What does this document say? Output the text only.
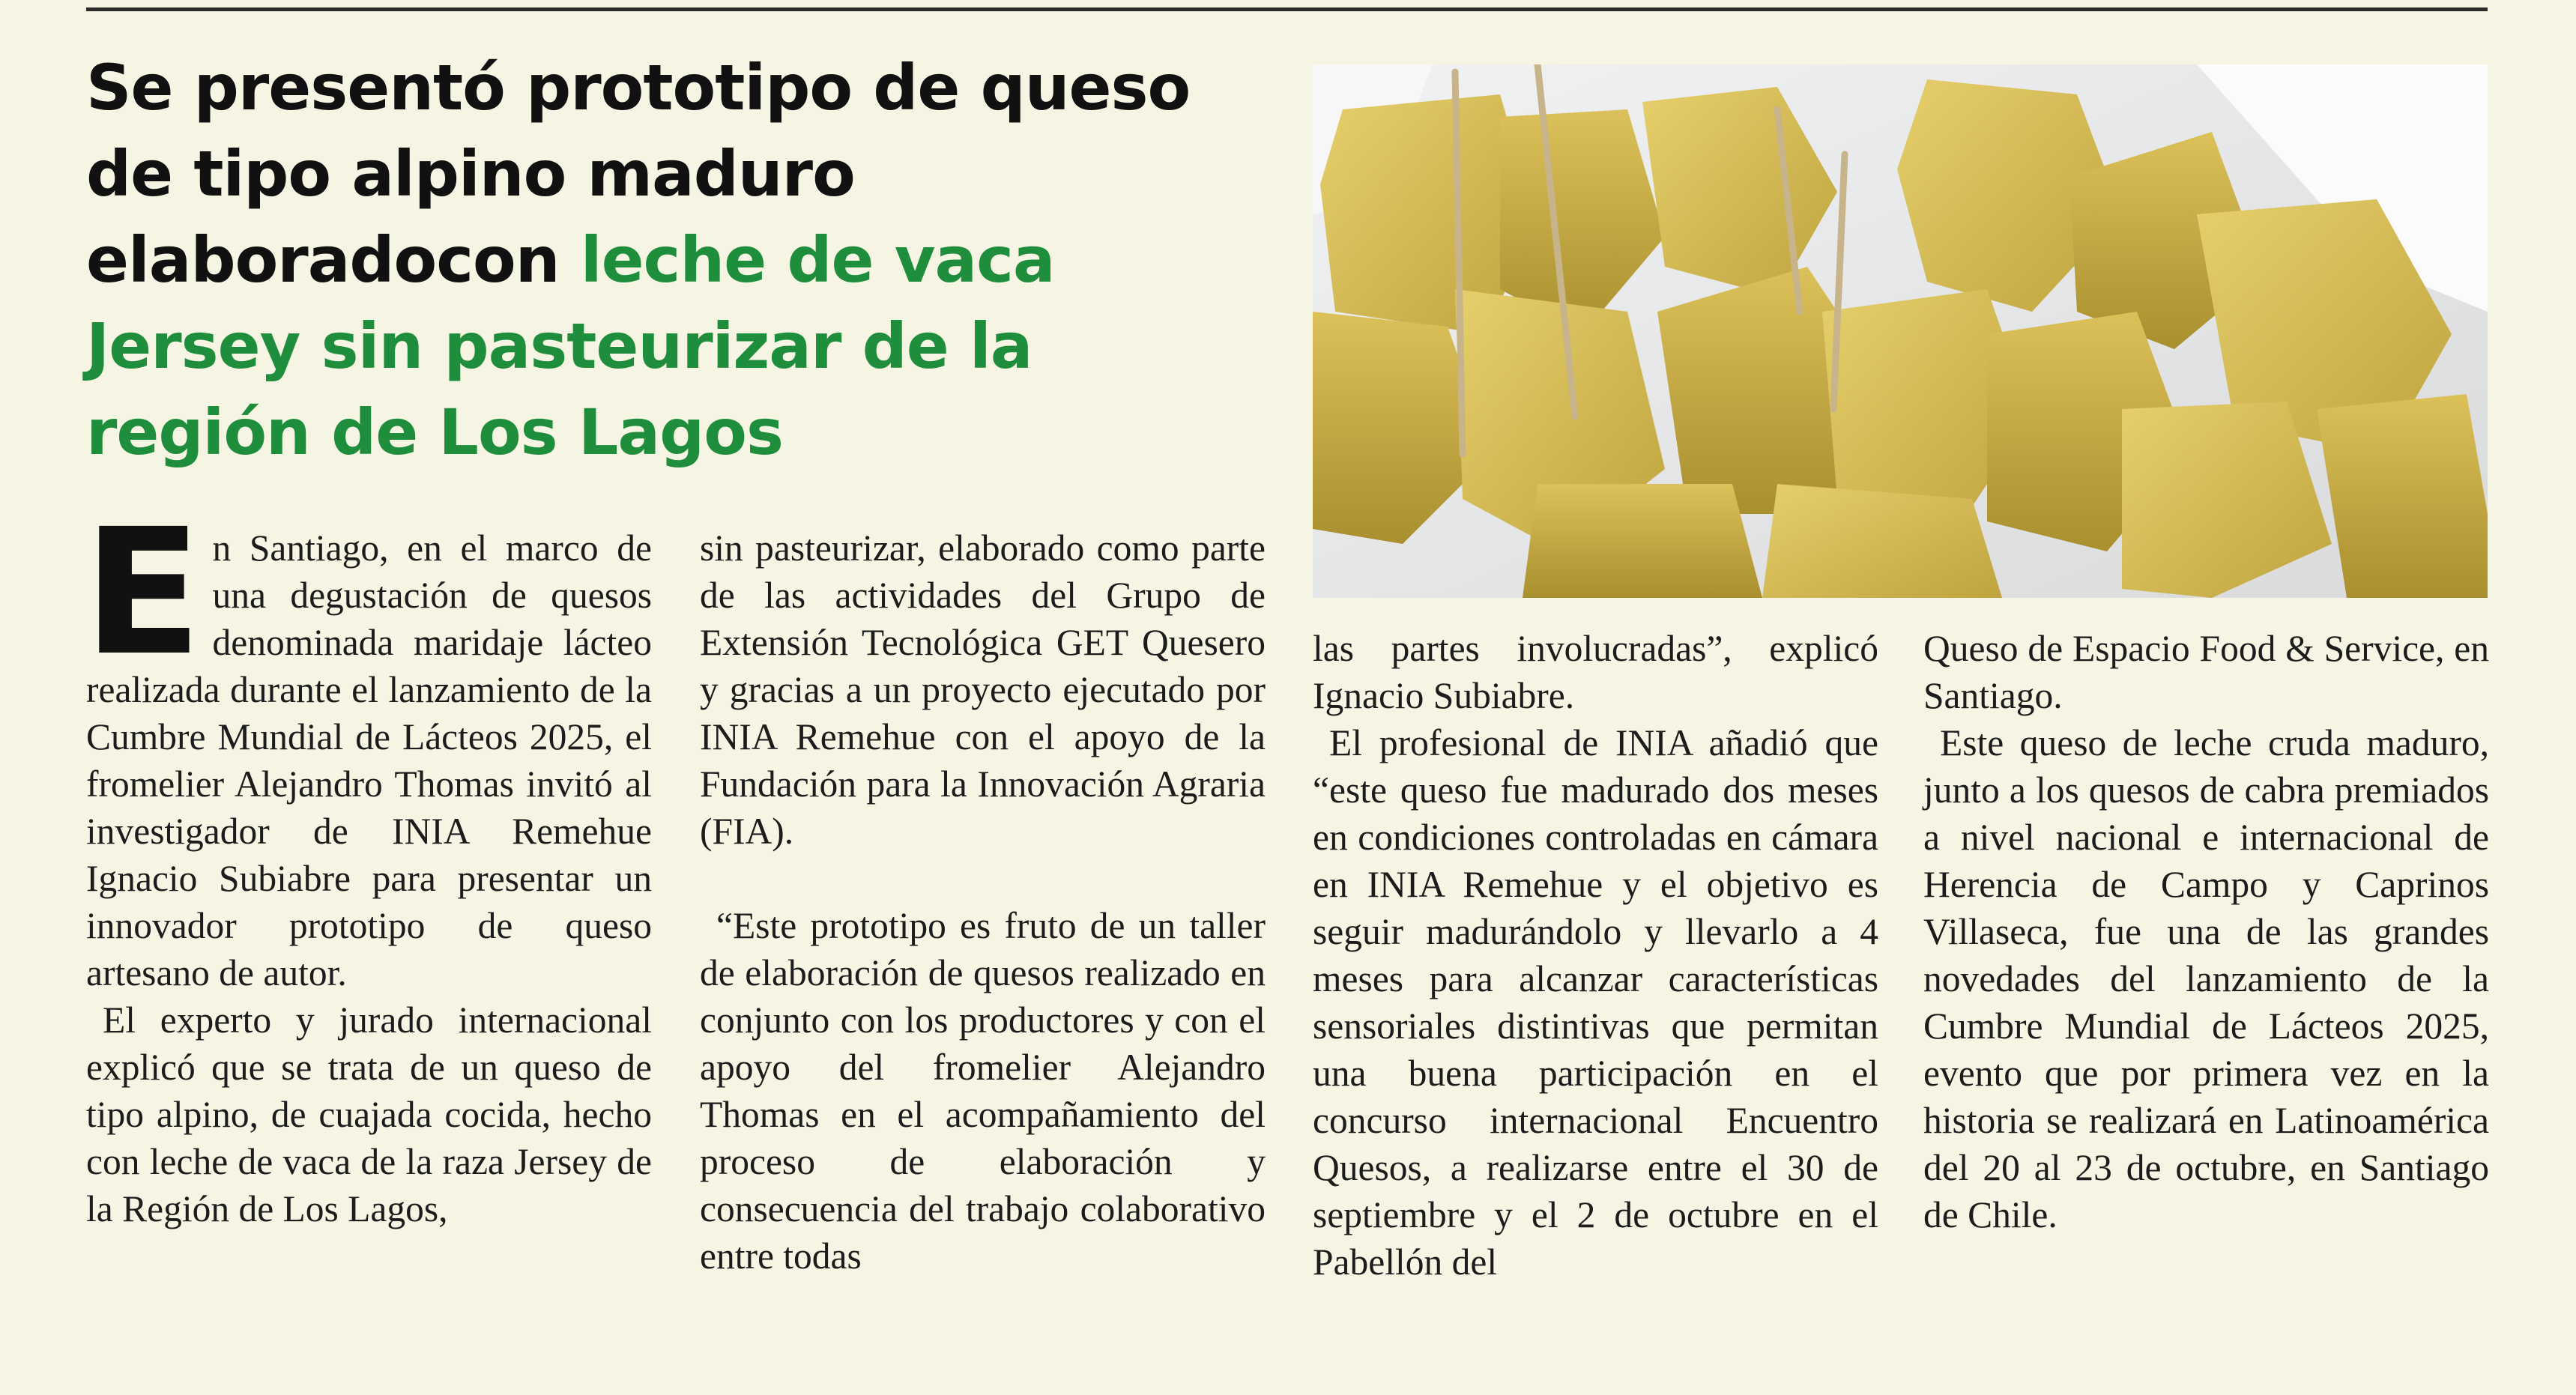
Se presentó prototipo de queso de tipo alpino maduro elaboradocon leche de vaca Jersey sin pasteurizar de la región de Los Lagos

En Santiago, en el marco de una degustación de quesos denominada maridaje lácteo realizada durante el lanzamiento de la Cumbre Mundial de Lácteos 2025, el fromelier Alejandro Thomas invitó al investigador de INIA Remehue Ignacio Subiabre para presentar un innovador prototipo de queso artesano de autor.

El experto y jurado internacional explicó que se trata de un queso de tipo alpino, de cuajada cocida, hecho con leche de vaca de la raza Jersey de la Región de Los Lagos,

sin pasteurizar, elaborado como parte de las actividades del Grupo de Extensión Tecnológica GET Quesero y gracias a un proyecto ejecutado por INIA Remehue con el apoyo de la Fundación para la Innovación Agraria (FIA).

“Este prototipo es fruto de un taller de elaboración de quesos realizado en conjunto con los productores y con el apoyo del fromelier Alejandro Thomas en el acompañamiento del proceso de elaboración y consecuencia del trabajo colaborativo entre todas

las partes involucradas”, explicó Ignacio Subiabre.

El profesional de INIA añadió que “este queso fue madurado dos meses en condiciones controladas en cámara en INIA Remehue y el objetivo es seguir madurándolo y llevarlo a 4 meses para alcanzar características sensoriales distintivas que permitan una buena participación en el concurso internacional Encuentro Quesos, a realizarse entre el 30 de septiembre y el 2 de octubre en el Pabellón del

Queso de Espacio Food & Service, en Santiago.

Este queso de leche cruda maduro, junto a los quesos de cabra premiados a nivel nacional e internacional de Herencia de Campo y Caprinos Villaseca, fue una de las grandes novedades del lanzamiento de la Cumbre Mundial de Lácteos 2025, evento que por primera vez en la historia se realizará en Latinoamérica del 20 al 23 de octubre, en Santiago de Chile.
